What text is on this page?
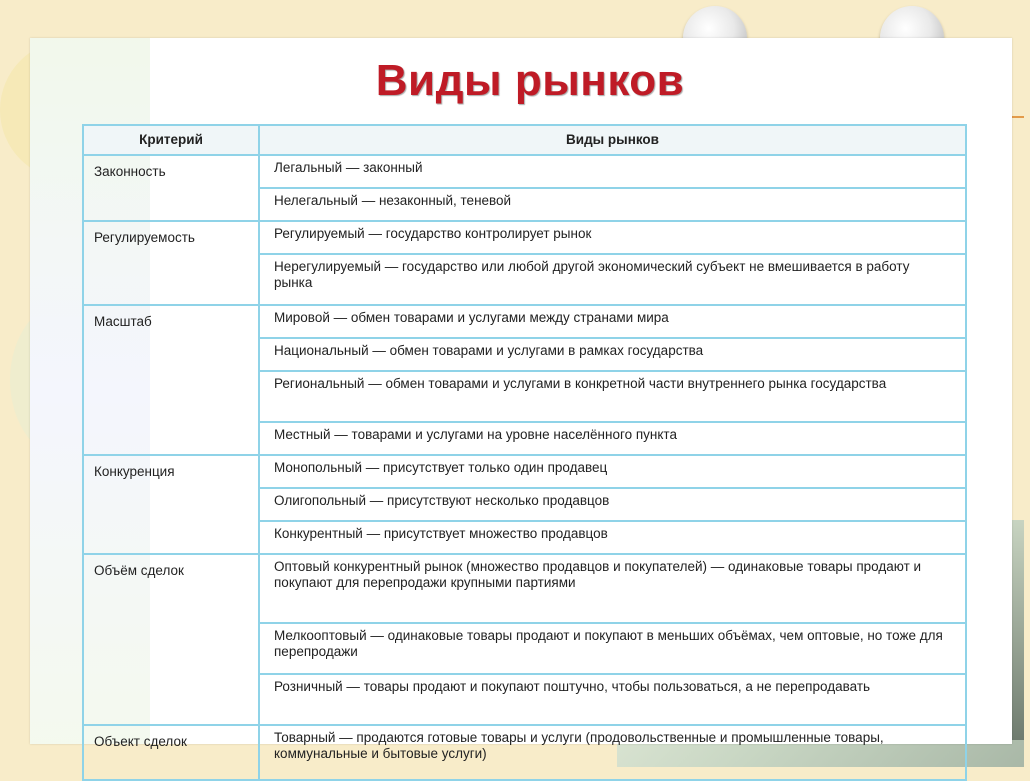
Виды рынков
Критерий	Виды рынков
Законность	Легальный — законный
	Нелегальный — незаконный, теневой
Регулируемость	Регулируемый — государство контролирует рынок
	Нерегулируемый — государство или любой другой экономический субъект не вмешивается в работу рынка
Масштаб	Мировой — обмен товарами и услугами между странами мира
	Национальный — обмен товарами и услугами в рамках государства
	Региональный — обмен товарами и услугами в конкретной части внутреннего рынка государства
	Местный — товарами и услугами на уровне населённого пункта
Конкуренция	Монопольный — присутствует только один продавец
	Олигопольный — присутствуют несколько продавцов
	Конкурентный — присутствует множество продавцов
Объём сделок	Оптовый конкурентный рынок (множество продавцов и покупателей) — одинаковые товары продают и покупают для перепродажи крупными партиями
	Мелкооптовый — одинаковые товары продают и покупают в меньших объёмах, чем оптовые, но тоже для перепродажи
	Розничный — товары продают и покупают поштучно, чтобы пользоваться, а не перепродавать
Объект сделок	Товарный — продаются готовые товары и услуги (продовольственные и промышленные товары, коммунальные и бытовые услуги)
